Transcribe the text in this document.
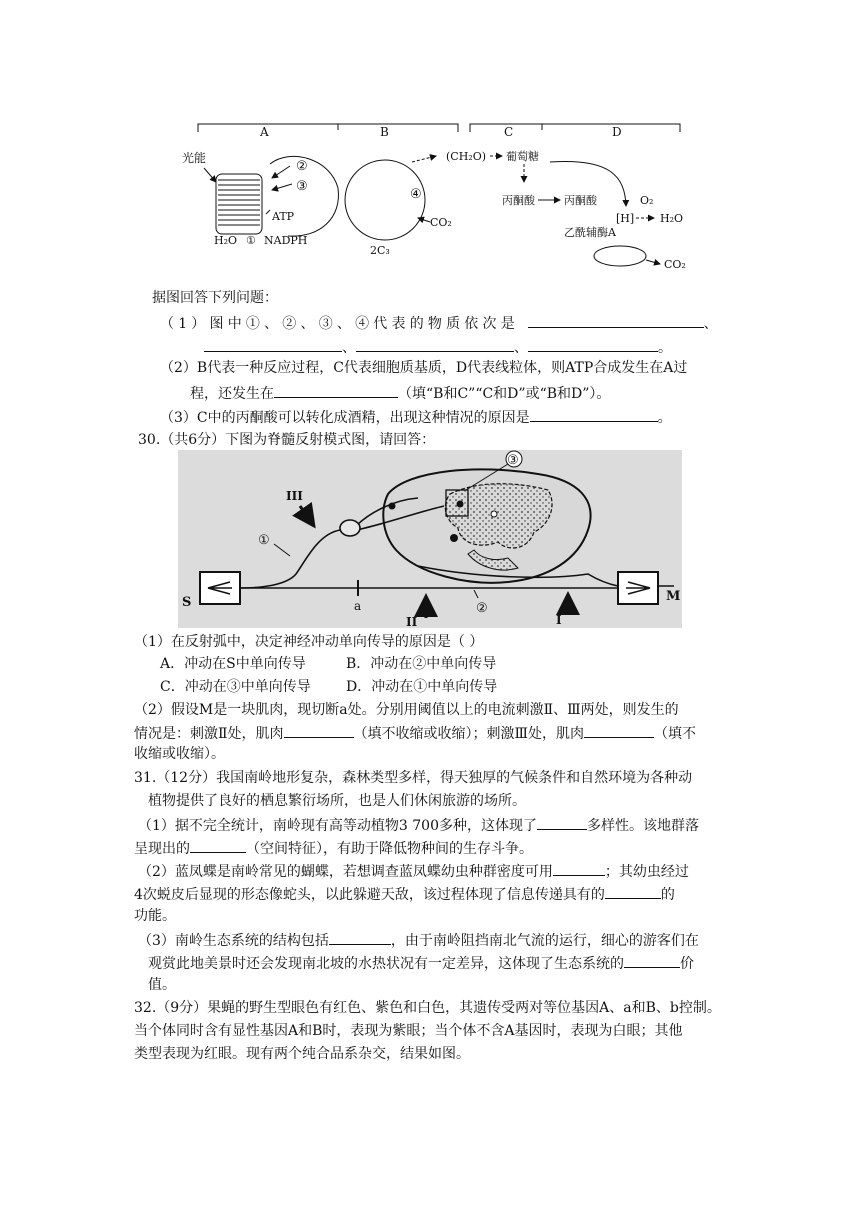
A	B	C	D
光能
H₂O ① NADPH
ATP
②
③
④
CO₂
2C₃
(CH₂O) 葡萄糖
丙酮酸	丙酮酸
[H]
O₂
H₂O
乙酰辅酶A
CO₂
据图回答下列问题：
（1）图中①、②、③、④代表的物质依次是	、
、	、	。
（2）B代表一种反应过程，C代表细胞质基质，D代表线粒体，则ATP合成发生在A过
程，还发生在	（填“B和C”“C和D”或“B和D”）。
（3）C中的丙酮酸可以转化成酒精，出现这种情况的原因是	。
30.（共6分）下图为脊髓反射模式图，请回答：
③
III
①
②
S	a
II	I
M
（1）在反射弧中，决定神经冲动单向传导的原因是（ ）
A．冲动在S中单向传导	B．冲动在②中单向传导
C．冲动在③中单向传导	D．冲动在①中单向传导
（2）假设M是一块肌肉，现切断a处。分别用阈值以上的电流刺激Ⅱ、Ⅲ两处，则发生的
情况是：刺激Ⅱ处，肌肉	（填不收缩或收缩）；刺激Ⅲ处，肌肉	（填不
收缩或收缩）。
31.（12分）我国南岭地形复杂，森林类型多样，得天独厚的气候条件和自然环境为各种动
植物提供了良好的栖息繁衍场所，也是人们休闲旅游的场所。
（1）据不完全统计，南岭现有高等动植物3 700多种，这体现了	多样性。该地群落
呈现出的	（空间特征），有助于降低物种间的生存斗争。
（2）蓝凤蝶是南岭常见的蝴蝶，若想调查蓝凤蝶幼虫种群密度可用	；其幼虫经过
4次蜕皮后显现的形态像蛇头，以此躲避天敌，该过程体现了信息传递具有的	的
功能。
（3）南岭生态系统的结构包括	，由于南岭阻挡南北气流的运行，细心的游客们在
观赏此地美景时还会发现南北坡的水热状况有一定差异，这体现了生态系统的	价
值。
32.（9分）果蝇的野生型眼色有红色、紫色和白色，其遗传受两对等位基因A、a和B、b控制。
当个体同时含有显性基因A和B时，表现为紫眼；当个体不含A基因时，表现为白眼；其他
类型表现为红眼。现有两个纯合品系杂交，结果如图。
